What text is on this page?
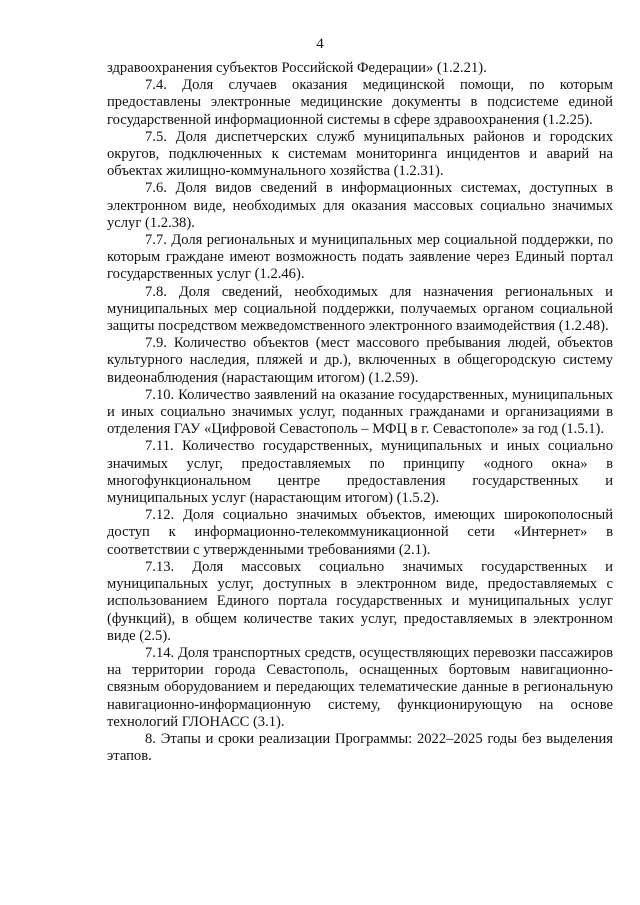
4

здравоохранения субъектов Российской Федерации» (1.2.21).

7.4. Доля случаев оказания медицинской помощи, по которым предоставлены электронные медицинские документы в подсистеме единой государственной информационной системы в сфере здравоохранения (1.2.25).

7.5. Доля диспетчерских служб муниципальных районов и городских округов, подключенных к системам мониторинга инцидентов и аварий на объектах жилищно-коммунального хозяйства (1.2.31).

7.6. Доля видов сведений в информационных системах, доступных в электронном виде, необходимых для оказания массовых социально значимых услуг (1.2.38).

7.7. Доля региональных и муниципальных мер социальной поддержки, по которым граждане имеют возможность подать заявление через Единый портал государственных услуг (1.2.46).

7.8. Доля сведений, необходимых для назначения региональных и муниципальных мер социальной поддержки, получаемых органом социальной защиты посредством межведомственного электронного взаимодействия (1.2.48).

7.9. Количество объектов (мест массового пребывания людей, объектов культурного наследия, пляжей и др.), включенных в общегородскую систему видеонаблюдения (нарастающим итогом) (1.2.59).

7.10. Количество заявлений на оказание государственных, муниципальных и иных социально значимых услуг, поданных гражданами и организациями в отделения ГАУ «Цифровой Севастополь – МФЦ в г. Севастополе» за год (1.5.1).

7.11. Количество государственных, муниципальных и иных социально значимых услуг, предоставляемых по принципу «одного окна» в многофункциональном центре предоставления государственных и муниципальных услуг (нарастающим итогом) (1.5.2).

7.12. Доля социально значимых объектов, имеющих широкополосный доступ к информационно-телекоммуникационной сети «Интернет» в соответствии с утвержденными требованиями (2.1).

7.13. Доля массовых социально значимых государственных и муниципальных услуг, доступных в электронном виде, предоставляемых с использованием Единого портала государственных и муниципальных услуг (функций), в общем количестве таких услуг, предоставляемых в электронном виде (2.5).

7.14. Доля транспортных средств, осуществляющих перевозки пассажиров на территории города Севастополь, оснащенных бортовым навигационно-связным оборудованием и передающих телематические данные в региональную навигационно-информационную систему, функционирующую на основе технологий ГЛОНАСС (3.1).

8. Этапы и сроки реализации Программы: 2022–2025 годы без выделения этапов.
